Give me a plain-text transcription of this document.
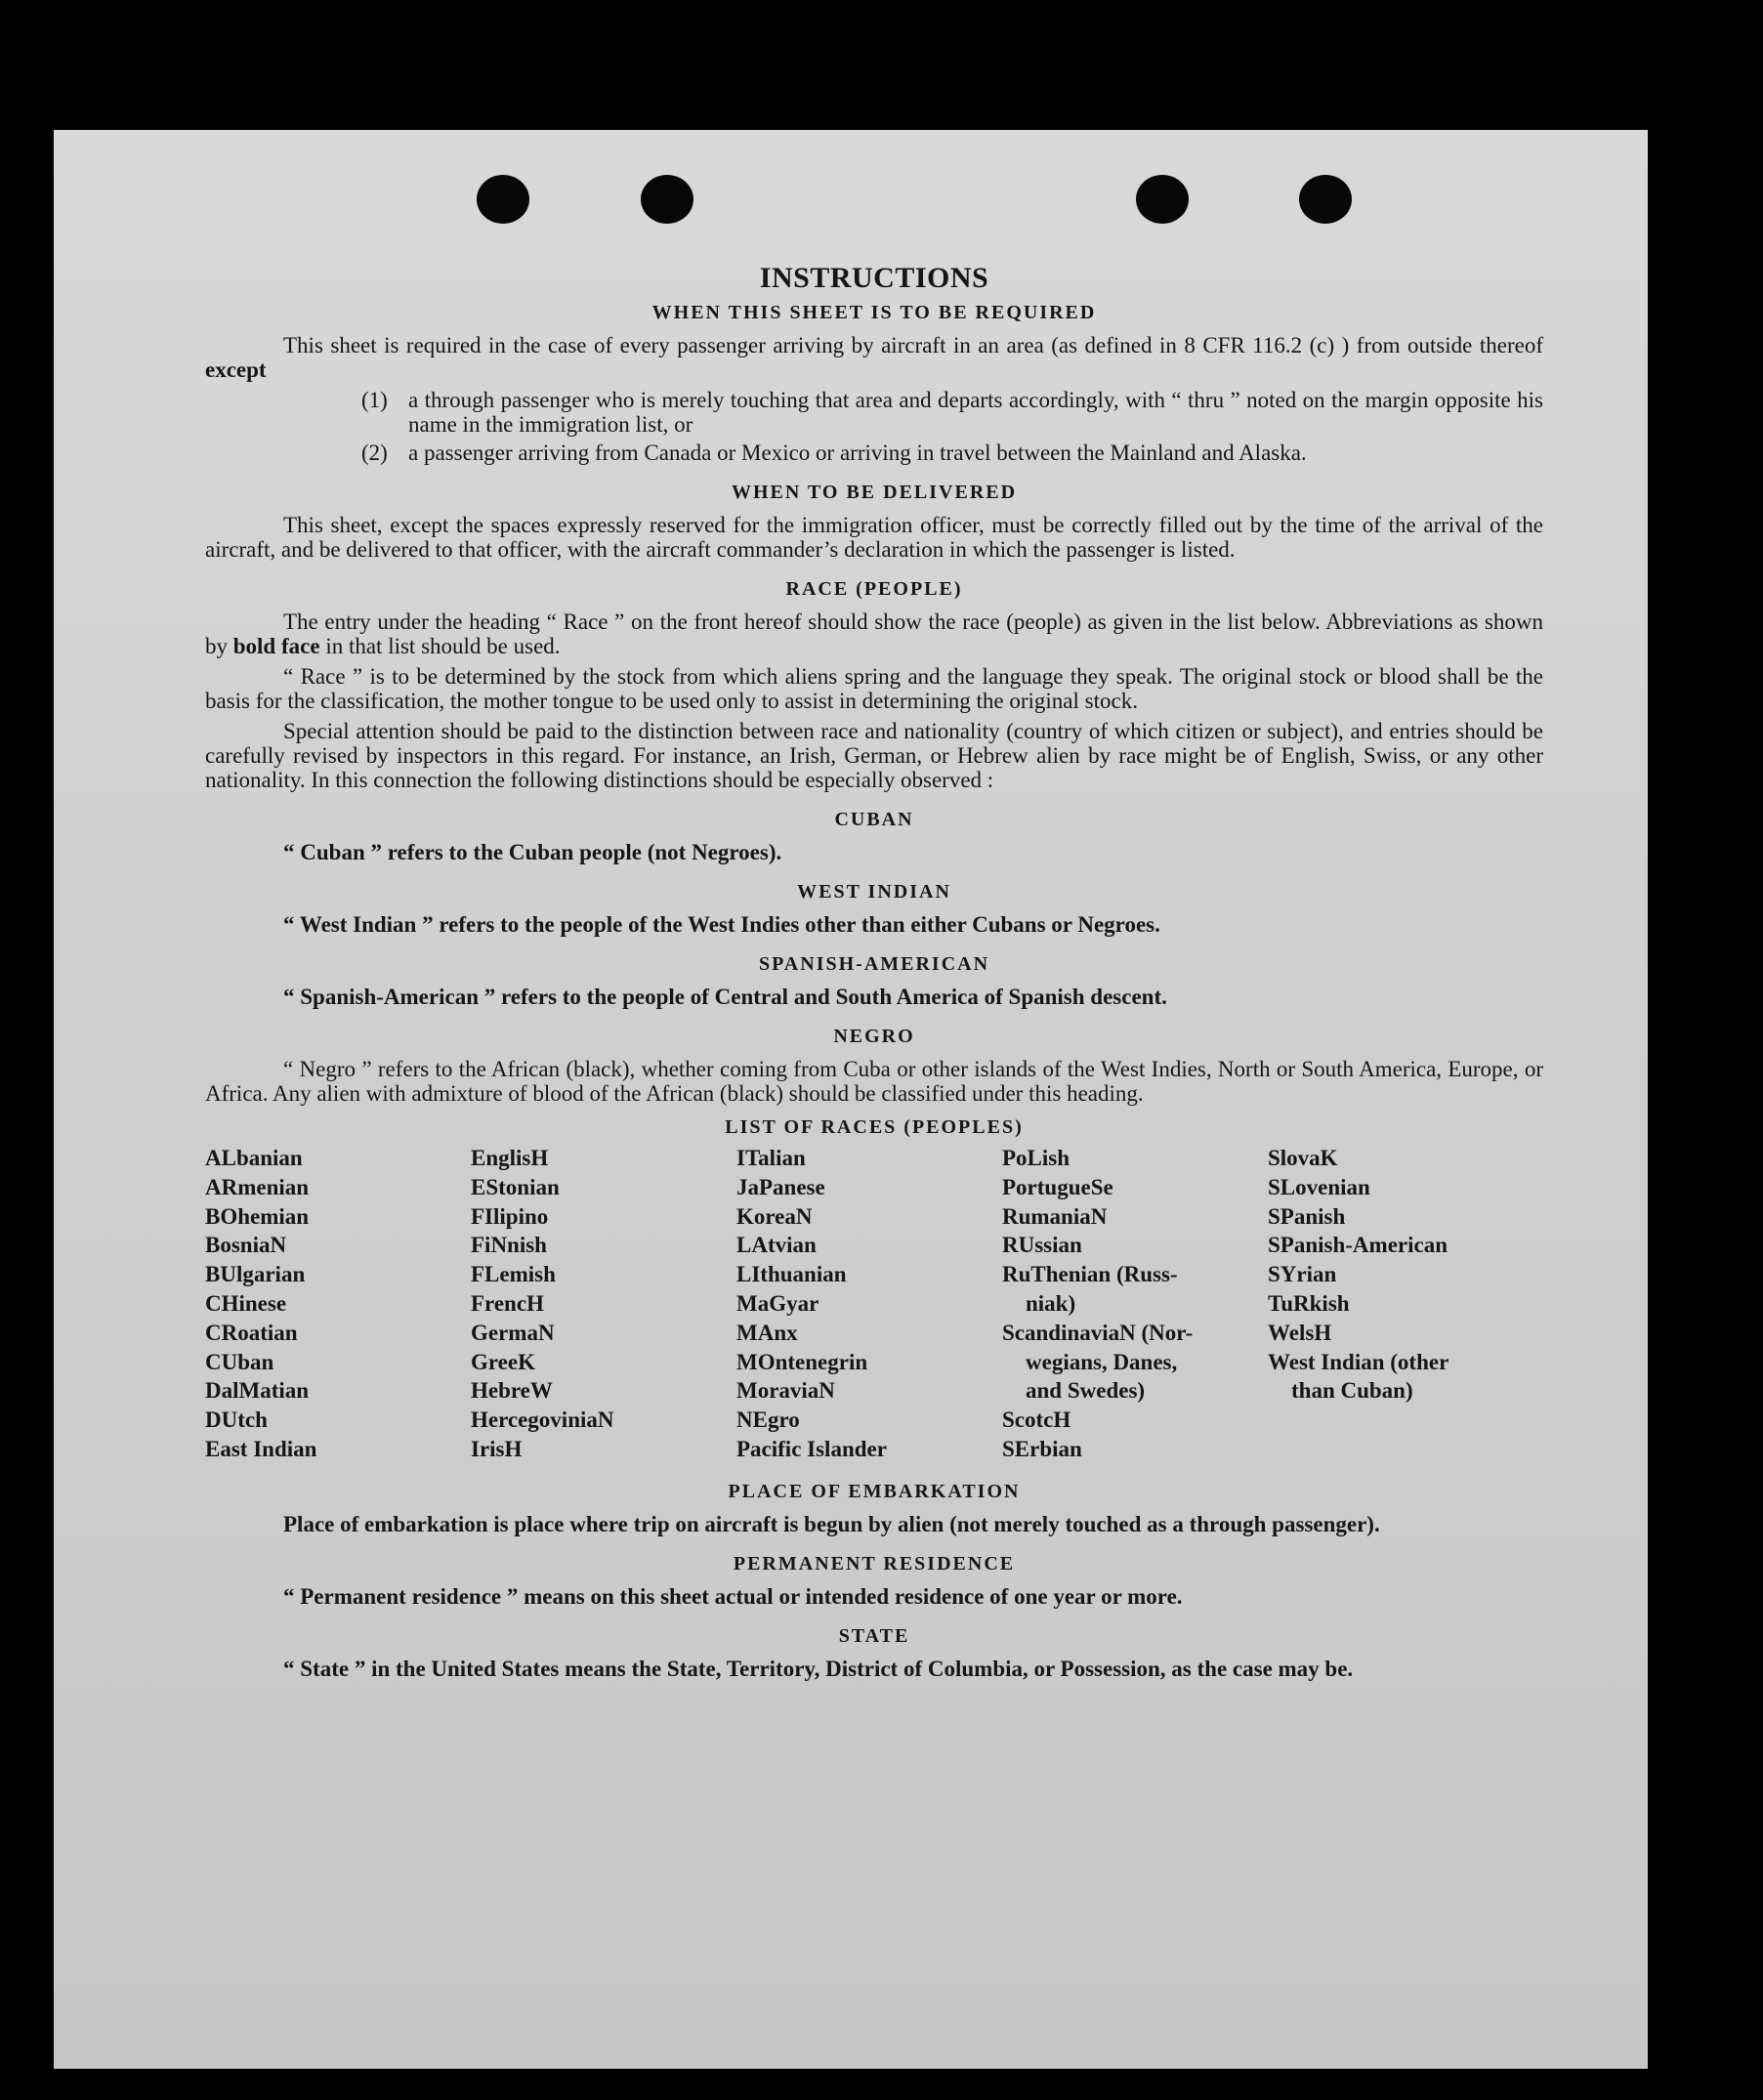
INSTRUCTIONS
WHEN THIS SHEET IS TO BE REQUIRED

This sheet is required in the case of every passenger arriving by aircraft in an area (as defined in 8 CFR 116.2 (c) ) from outside thereof except

(1) a through passenger who is merely touching that area and departs accordingly, with “ thru ” noted on the margin opposite his name in the immigration list, or
(2) a passenger arriving from Canada or Mexico or arriving in travel between the Mainland and Alaska.
WHEN TO BE DELIVERED

This sheet, except the spaces expressly reserved for the immigration officer, must be correctly filled out by the time of the arrival of the aircraft, and be delivered to that officer, with the aircraft commander’s declaration in which the passenger is listed.

RACE (PEOPLE)

The entry under the heading “ Race ” on the front hereof should show the race (people) as given in the list below. Abbreviations as shown by bold face in that list should be used.

“ Race ” is to be determined by the stock from which aliens spring and the language they speak. The original stock or blood shall be the basis for the classification, the mother tongue to be used only to assist in determining the original stock.

Special attention should be paid to the distinction between race and nationality (country of which citizen or subject), and entries should be carefully revised by inspectors in this regard. For instance, an Irish, German, or Hebrew alien by race might be of English, Swiss, or any other nationality. In this connection the following distinctions should be especially observed :

CUBAN

“ Cuban ” refers to the Cuban people (not Negroes).

WEST INDIAN

“ West Indian ” refers to the people of the West Indies other than either Cubans or Negroes.

SPANISH-AMERICAN

“ Spanish-American ” refers to the people of Central and South America of Spanish descent.

NEGRO

“ Negro ” refers to the African (black), whether coming from Cuba or other islands of the West Indies, North or South America, Europe, or Africa. Any alien with admixture of blood of the African (black) should be classified under this heading.

LIST OF RACES (PEOPLES)
ALbanian
ARmenian
BOhemian
BosniaN
BUlgarian
CHinese
CRoatian
CUban
DalMatian
DUtch
East Indian
EnglisH
EStonian
FIlipino
FiNnish
FLemish
FrencH
GermaN
GreeK
HebreW
HercegovinіaN
IrisH
ITalian
JaPanese
KoreaN
LAtvian
LIthuanian
MaGyar
MAnx
MOntenegrin
MoraviaN
NEgro
Pacific Islander
PoLish
PortugueSe
RumaniaN
RUssian
RuThenian (Russ-
niak)
ScandinaviaN (Nor-
wegians, Danes,
and Swedes)
ScotcH
SErbian
SlovaK
SLovenian
SPanish
SPanish-American
SYrian
TuRkish
WelsH
West Indian (other
than Cuban)
PLACE OF EMBARKATION

Place of embarkation is place where trip on aircraft is begun by alien (not merely touched as a through passenger).

PERMANENT RESIDENCE

“ Permanent residence ” means on this sheet actual or intended residence of one year or more.

STATE

“ State ” in the United States means the State, Territory, District of Columbia, or Possession, as the case may be.
